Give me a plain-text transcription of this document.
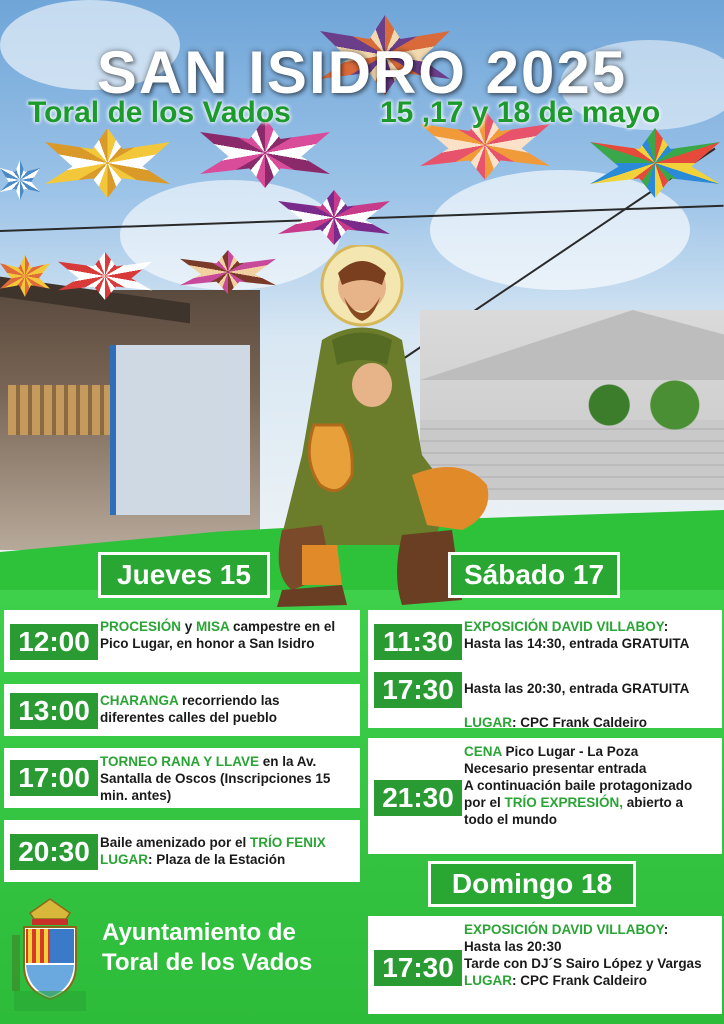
SAN ISIDRO 2025
Toral de los Vados	15 ,17 y 18 de mayo
Jueves 15	Sábado 17
Domingo 18
12:00 PROCESIÓN y MISA campestre en el Pico Lugar, en honor a San Isidro
13:00 CHARANGA recorriendo las diferentes calles del pueblo
17:00
TORNEO RANA Y LLAVE en la Av. Santalla de Oscos (Inscripciones 15 min. antes)
20:30 Baile amenizado por el TRÍO FENIX
LUGAR: Plaza de la Estación
11:30 EXPOSICIÓN DAVID VILLABOY:
Hasta las 14:30, entrada GRATUITA
17:30 Hasta las 20:30, entrada GRATUITA

LUGAR: CPC Frank Caldeiro
21:30
CENA Pico Lugar - La Poza
Necesario presentar entrada
A continuación baile protagonizado por el TRÍO EXPRESIÓN, abierto a todo el mundo
17:30
EXPOSICIÓN DAVID VILLABOY:
Hasta las 20:30
Tarde con DJ´S Sairo López y Vargas
LUGAR: CPC Frank Caldeiro
Ayuntamiento de
Toral de los Vados
